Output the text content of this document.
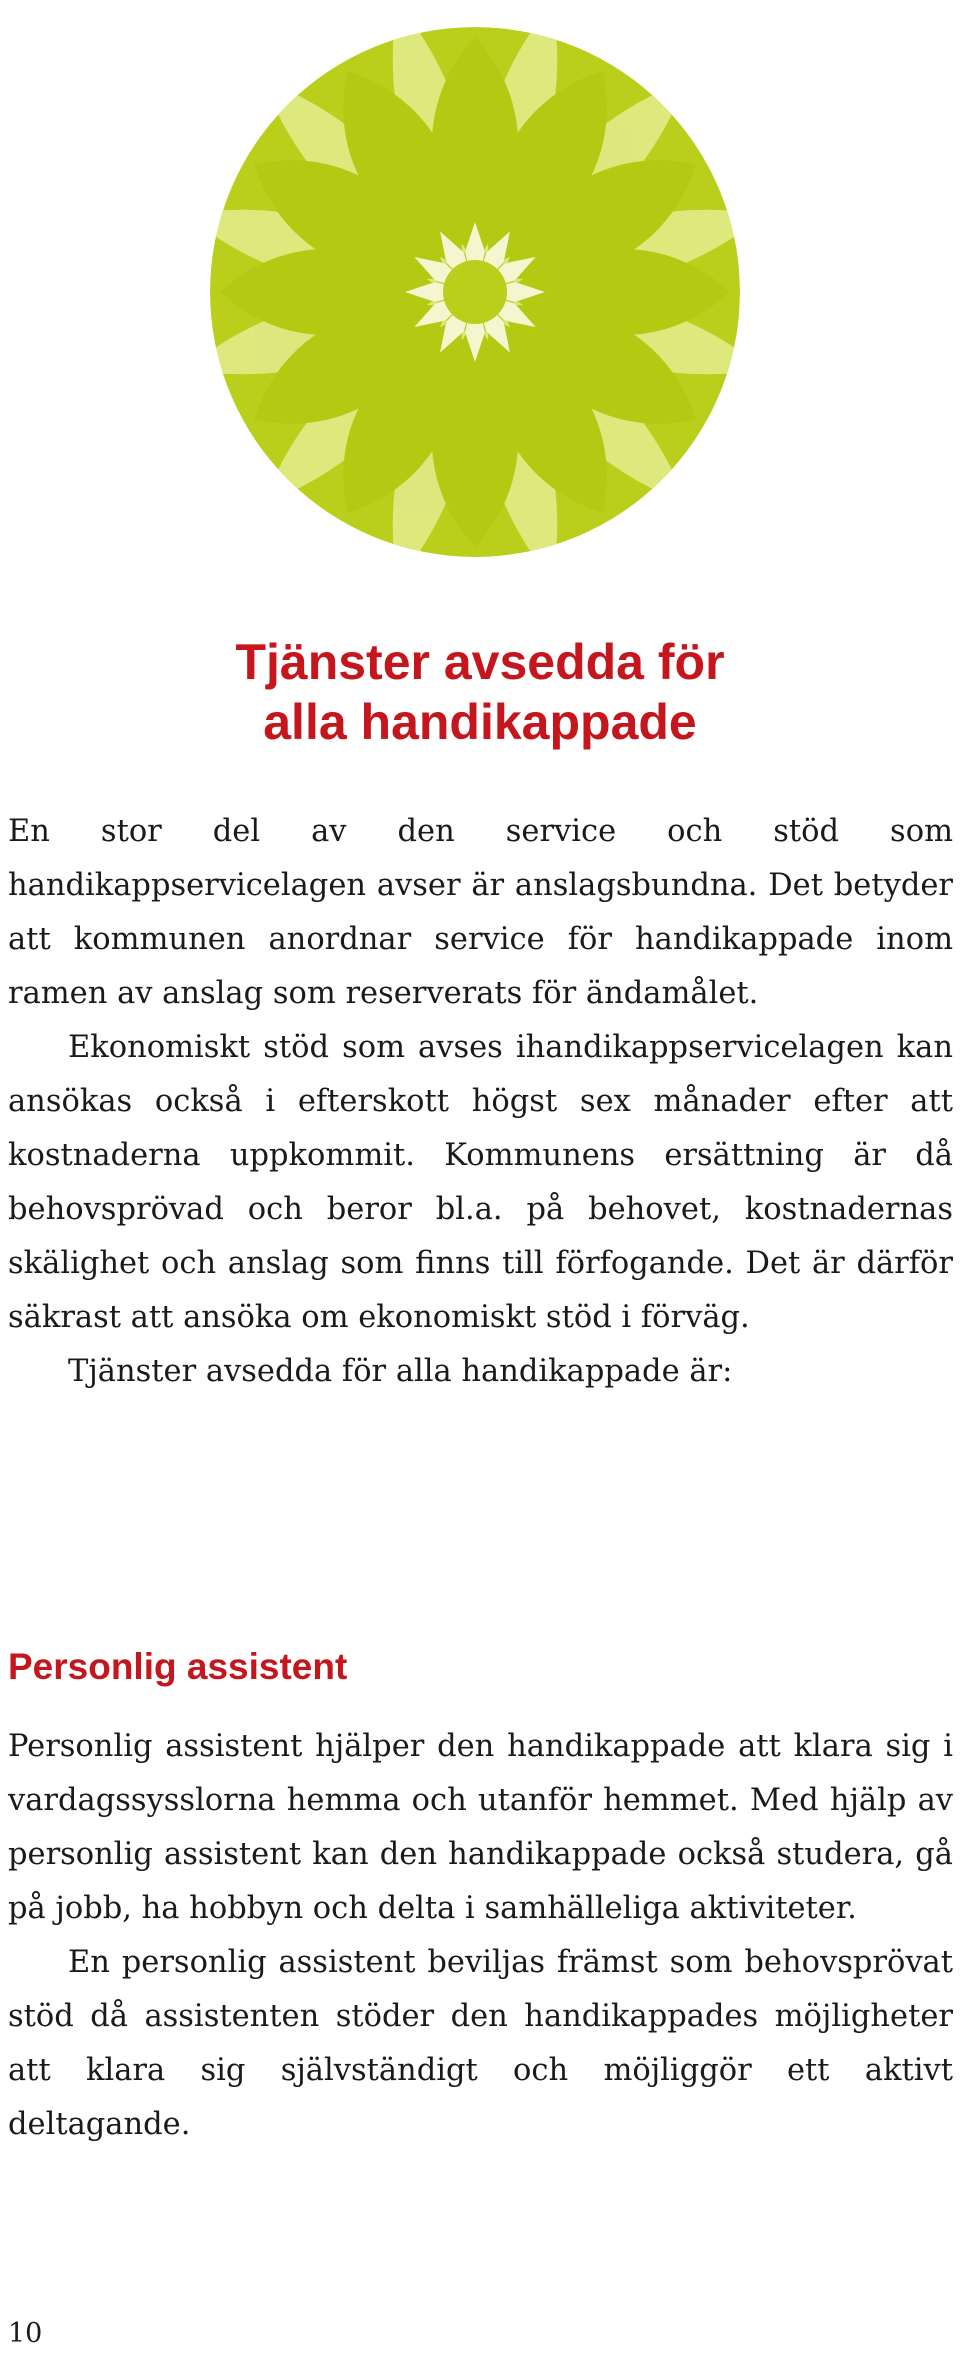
Tjänster avsedda för
alla handikappade

En stor del av den service och stöd som handikappservicelagen avser är anslagsbundna. Det betyder att kommunen anordnar service för handikappade inom ramen av anslag som reserverats för ändamålet.

Ekonomiskt stöd som avses ihandikappservicelagen kan ansökas också i efterskott högst sex månader efter att kostnaderna uppkommit. Kommunens ersättning är då behovsprövad och beror bl.a. på behovet, kostnadernas skälighet och anslag som finns till förfogande. Det är därför säkrast att ansöka om ekonomiskt stöd i förväg.

Tjänster avsedda för alla handikappade är:

Personlig assistent

Personlig assistent hjälper den handikappade att klara sig i vardagssysslorna hemma och utanför hemmet. Med hjälp av personlig assistent kan den handikappade också studera, gå på jobb, ha hobbyn och delta i samhälleliga aktiviteter.

En personlig assistent beviljas främst som behovsprövat stöd då assistenten stöder den handikappades möjligheter att klara sig självständigt och möjliggör ett aktivt deltagande.

10
